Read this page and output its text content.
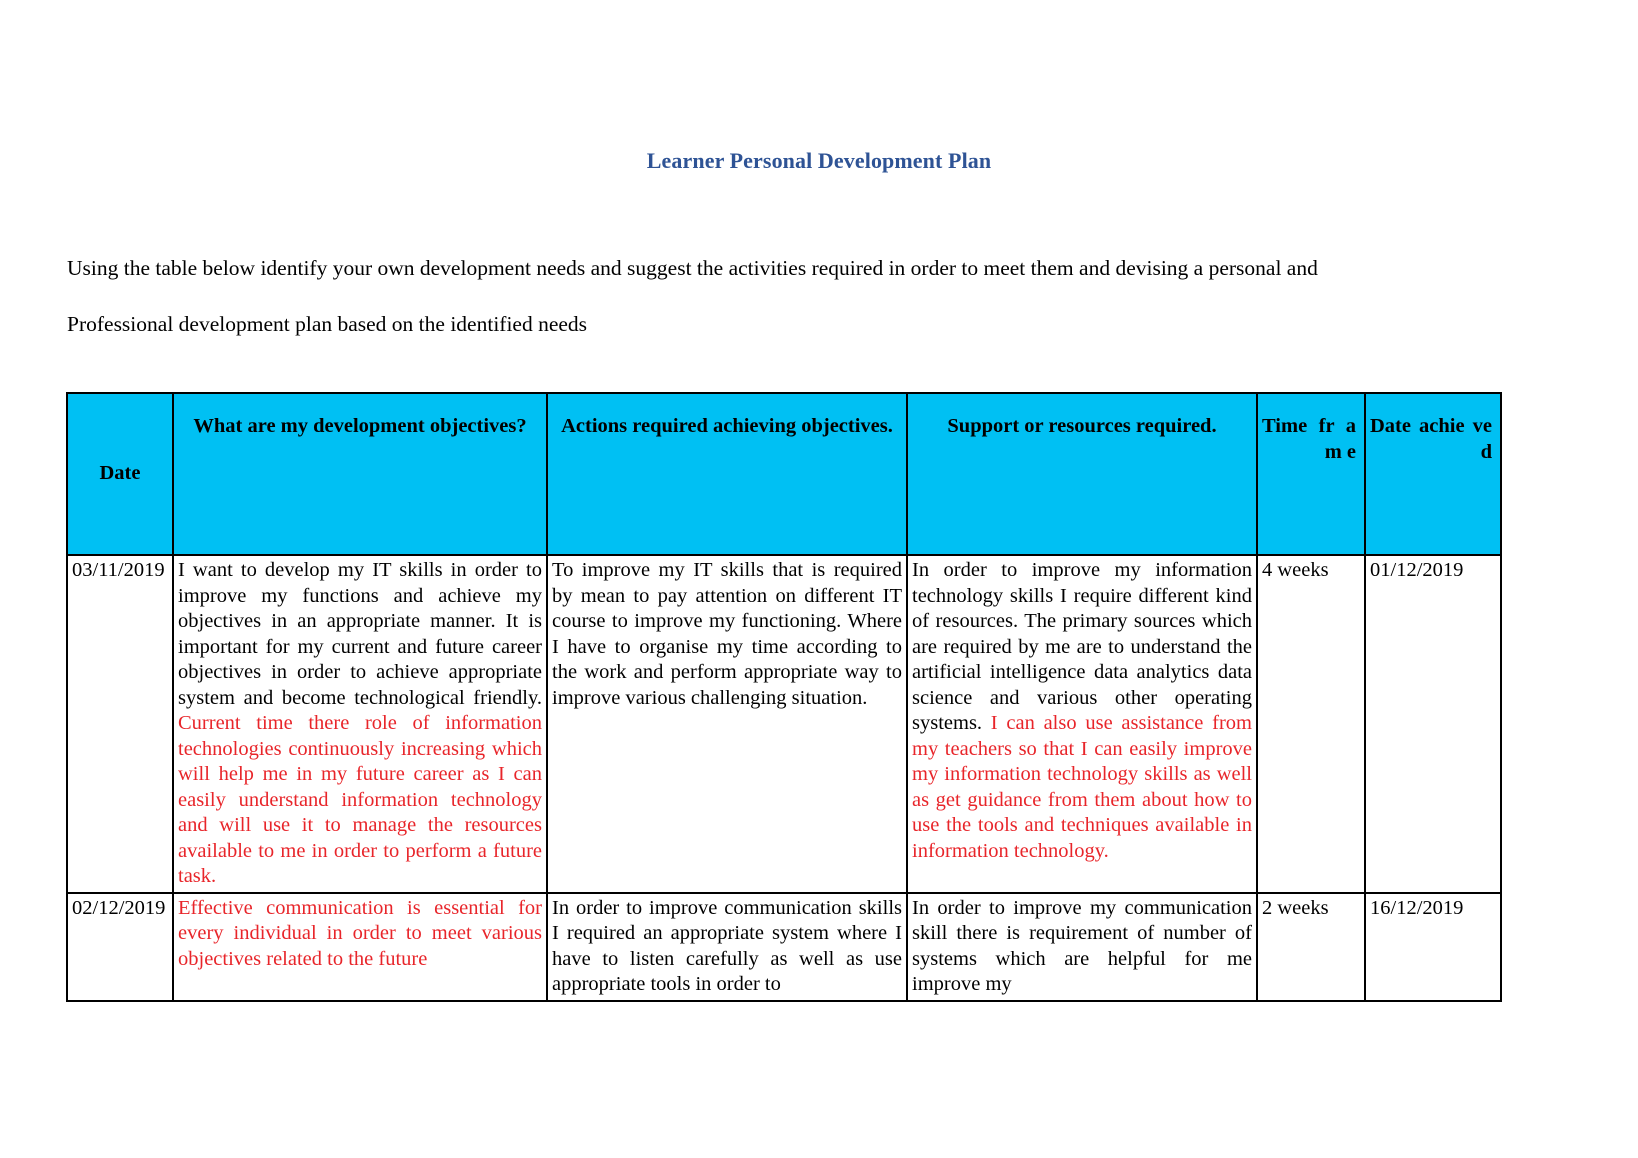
Learner Personal Development Plan

Using the table below identify your own development needs and suggest the activities required in order to meet them and devising a personal and

Professional development plan based on the identified needs

Date	What are my development objectives?	Actions required achieving objectives.	Support or resources required.	Time fr a m e	Date achie ved
03/11/2019	I want to develop my IT skills in order to improve my functions and achieve my objectives in an appropriate manner. It is important for my current and future career objectives in order to achieve appropriate system and become technological friendly. Current time there role of information technologies continuously increasing which will help me in my future career as I can easily understand information technology and will use it to manage the resources available to me in order to perform a future task.	To improve my IT skills that is required by mean to pay attention on different IT course to improve my functioning. Where I have to organise my time according to the work and perform appropriate way to improve various challenging situation.	In order to improve my information technology skills I require different kind of resources. The primary sources which are required by me are to understand the artificial intelligence data analytics data science and various other operating systems. I can also use assistance from my teachers so that I can easily improve my information technology skills as well as get guidance from them about how to use the tools and techniques available in information technology.	4 weeks	01/12/2019
02/12/2019	Effective communication is essential for every individual in order to meet various objectives related to the future	In order to improve communication skills I required an appropriate system where I have to listen carefully as well as use appropriate tools in order to	In order to improve my communication skill there is requirement of number of systems which are helpful for me improve my	2 weeks	16/12/2019
